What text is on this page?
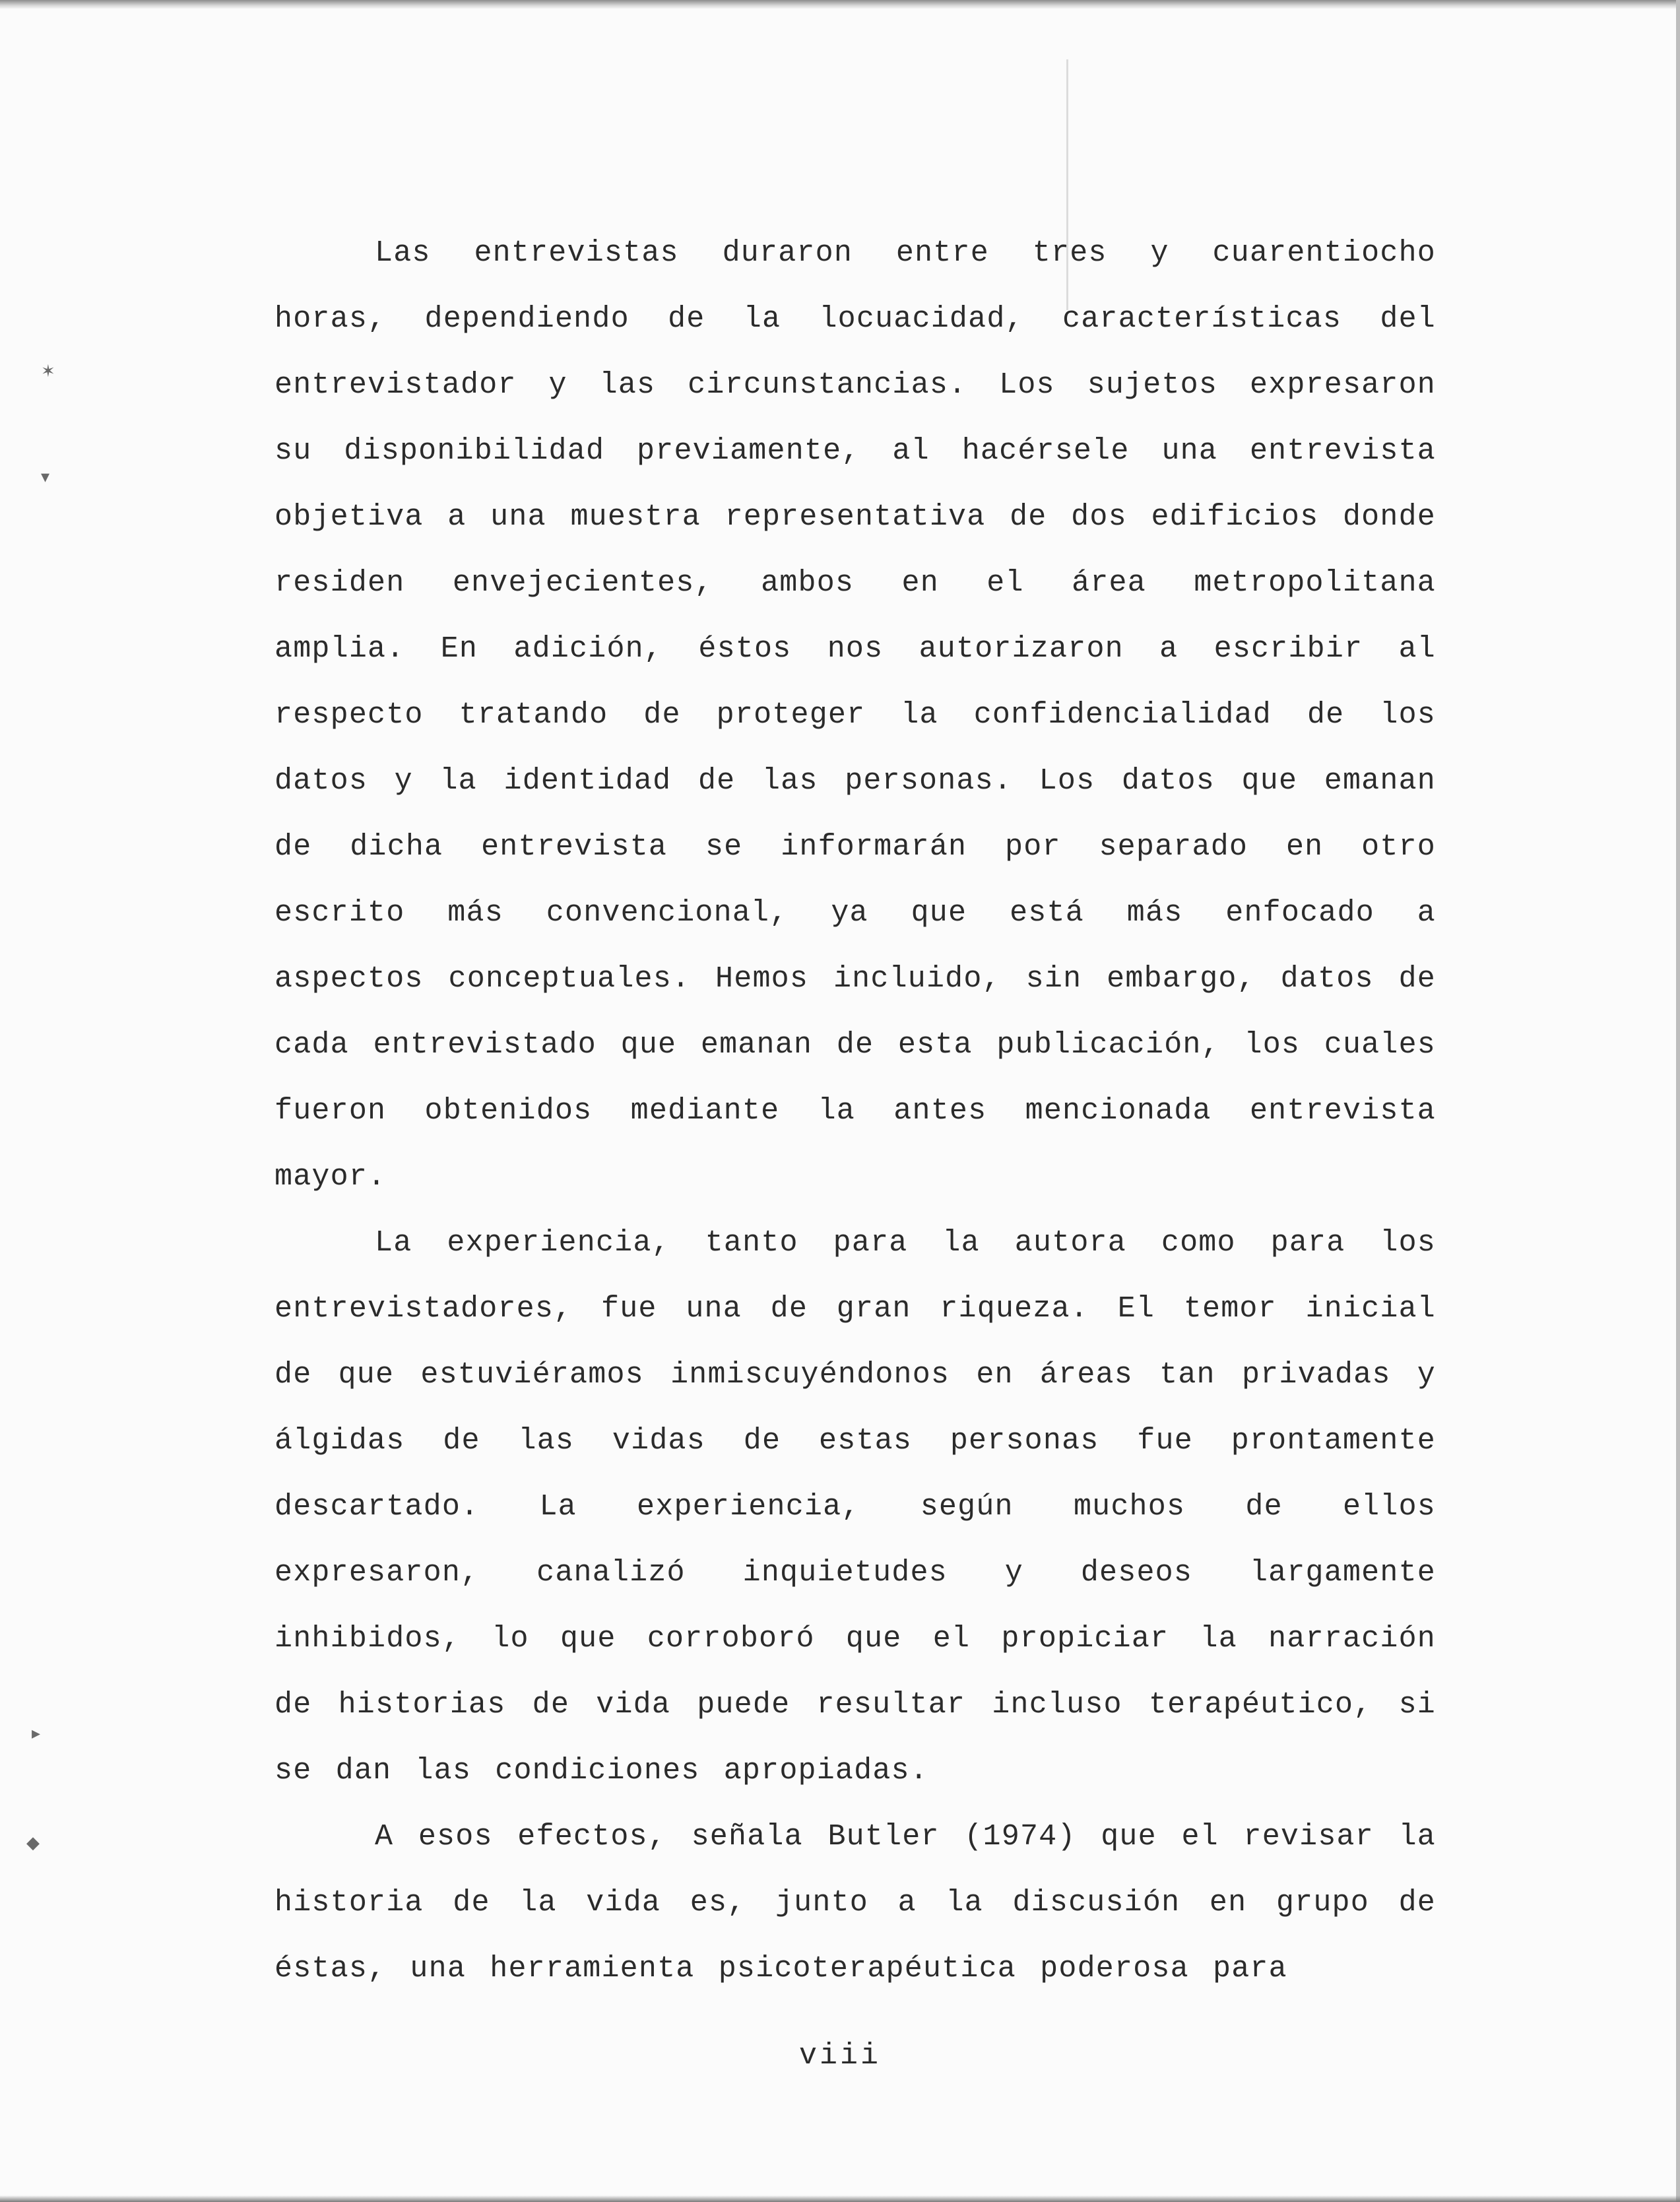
✶
▾
▸
◆

Las entrevistas duraron entre tres y cuarentiocho horas, dependiendo de la locuacidad, características del entrevistador y las circunstancias. Los sujetos expresaron su disponibilidad previamente, al hacérsele una entrevista objetiva a una muestra representativa de dos edificios donde residen envejecientes, ambos en el área metropolitana amplia. En adición, éstos nos autorizaron a escribir al respecto tratando de proteger la confidencialidad de los datos y la identidad de las personas. Los datos que emanan de dicha entrevista se informarán por separado en otro escrito más convencional, ya que está más enfocado a aspectos conceptuales. Hemos incluido, sin embargo, datos de cada entrevistado que emanan de esta publicación, los cuales fueron obtenidos mediante la antes mencionada entrevista mayor.

La experiencia, tanto para la autora como para los entrevistadores, fue una de gran riqueza. El temor inicial de que estuviéramos inmiscuyéndonos en áreas tan privadas y álgidas de las vidas de estas personas fue prontamente descartado. La experiencia, según muchos de ellos expresaron, canalizó inquietudes y deseos largamente inhibidos, lo que corroboró que el propiciar la narración de historias de vida puede resultar incluso terapéutico, si se dan las condiciones apropiadas.

A esos efectos, señala Butler (1974) que el revisar la historia de la vida es, junto a la discusión en grupo de éstas, una herramienta psicoterapéutica poderosa para

viii
